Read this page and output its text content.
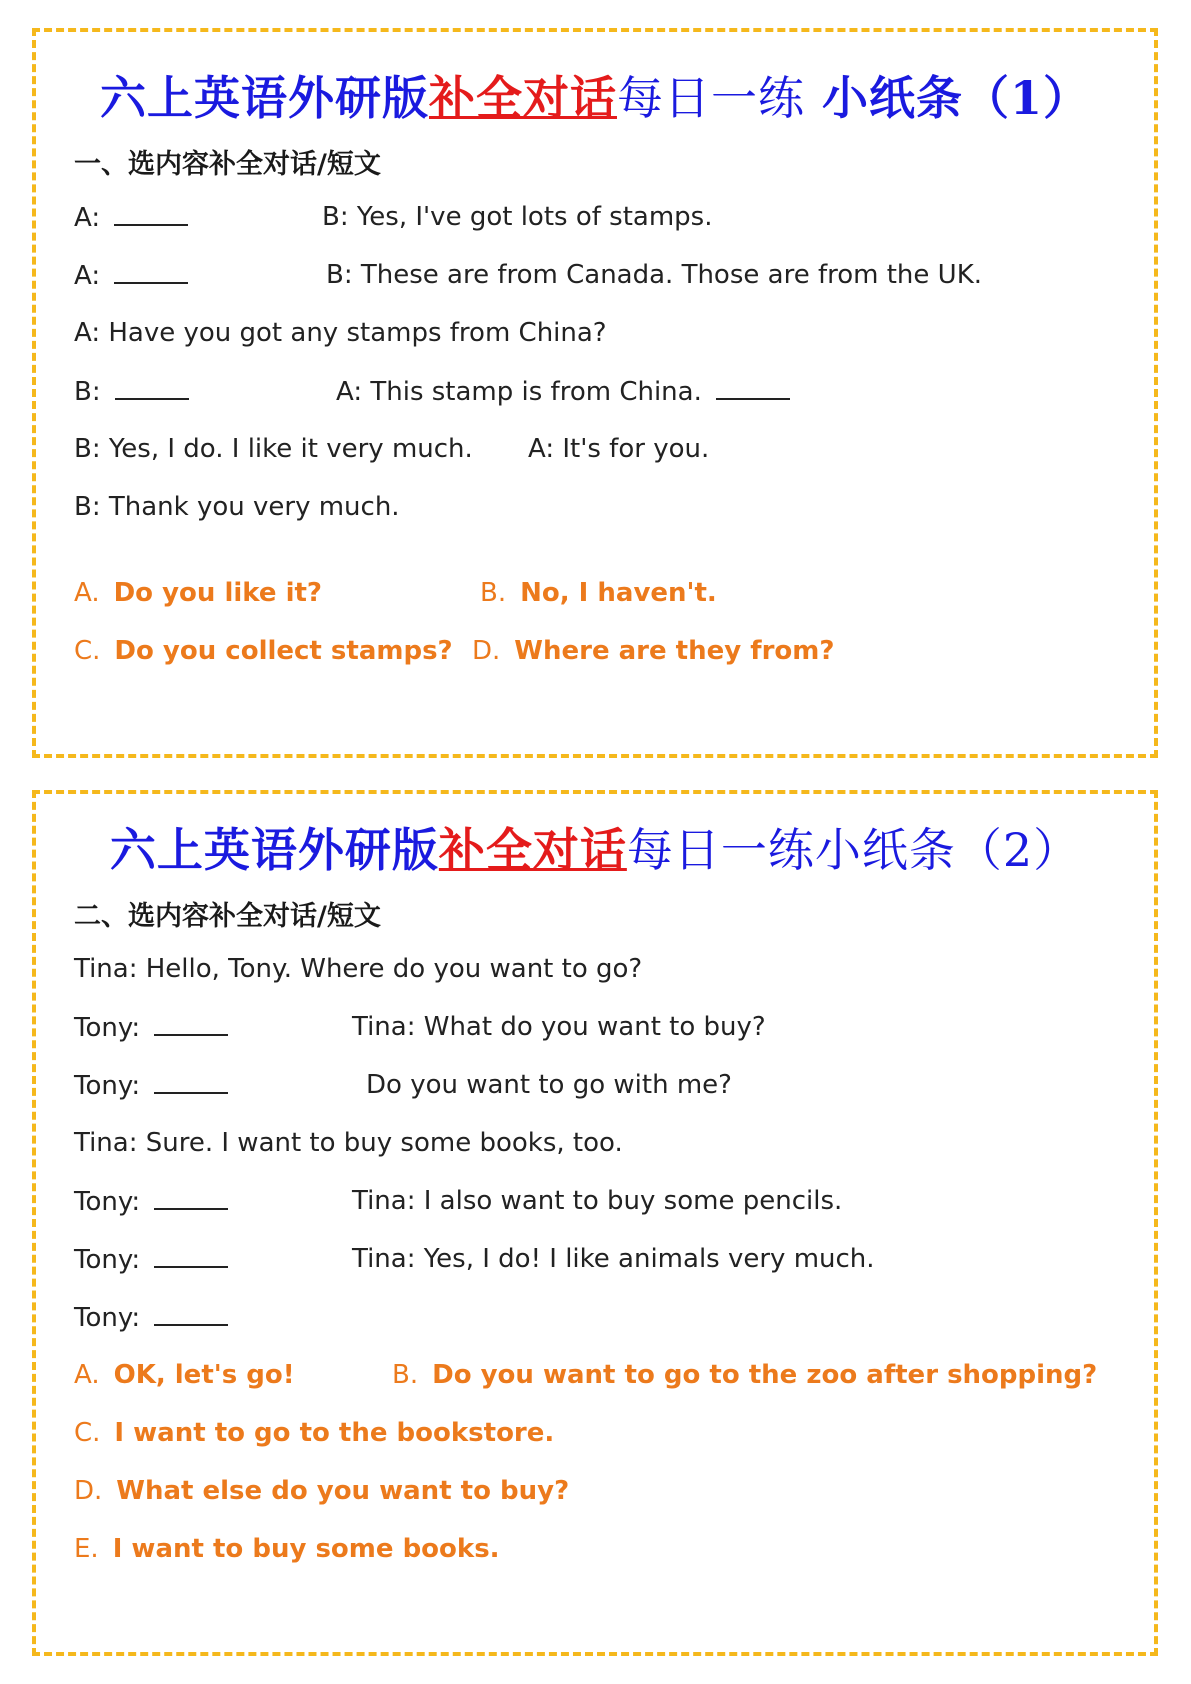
六上英语外研版补全对话每日一练 小纸条（1）
一、选内容补全对话/短文
A:	B: Yes, I've got lots of stamps.
A:	B: These are from Canada. Those are from the UK.
A: Have you got any stamps from China?
B:	A: This stamp is from China.
B: Yes, I do. I like it very much. A: It's for you.
B: Thank you very much.
A. Do you like it?	B. No, I haven't.
C. Do you collect stamps? D. Where are they from?
六上英语外研版补全对话每日一练小纸条（2）
二、选内容补全对话/短文
Tina: Hello, Tony. Where do you want to go?
Tony:	Tina: What do you want to buy?
Tony:	Do you want to go with me?
Tina: Sure. I want to buy some books, too.
Tony:	Tina: I also want to buy some pencils.
Tony:	Tina: Yes, I do! I like animals very much.
Tony:
A. OK, let's go!	B. Do you want to go to the zoo after shopping?
C. I want to go to the bookstore.
D. What else do you want to buy?
E. I want to buy some books.
